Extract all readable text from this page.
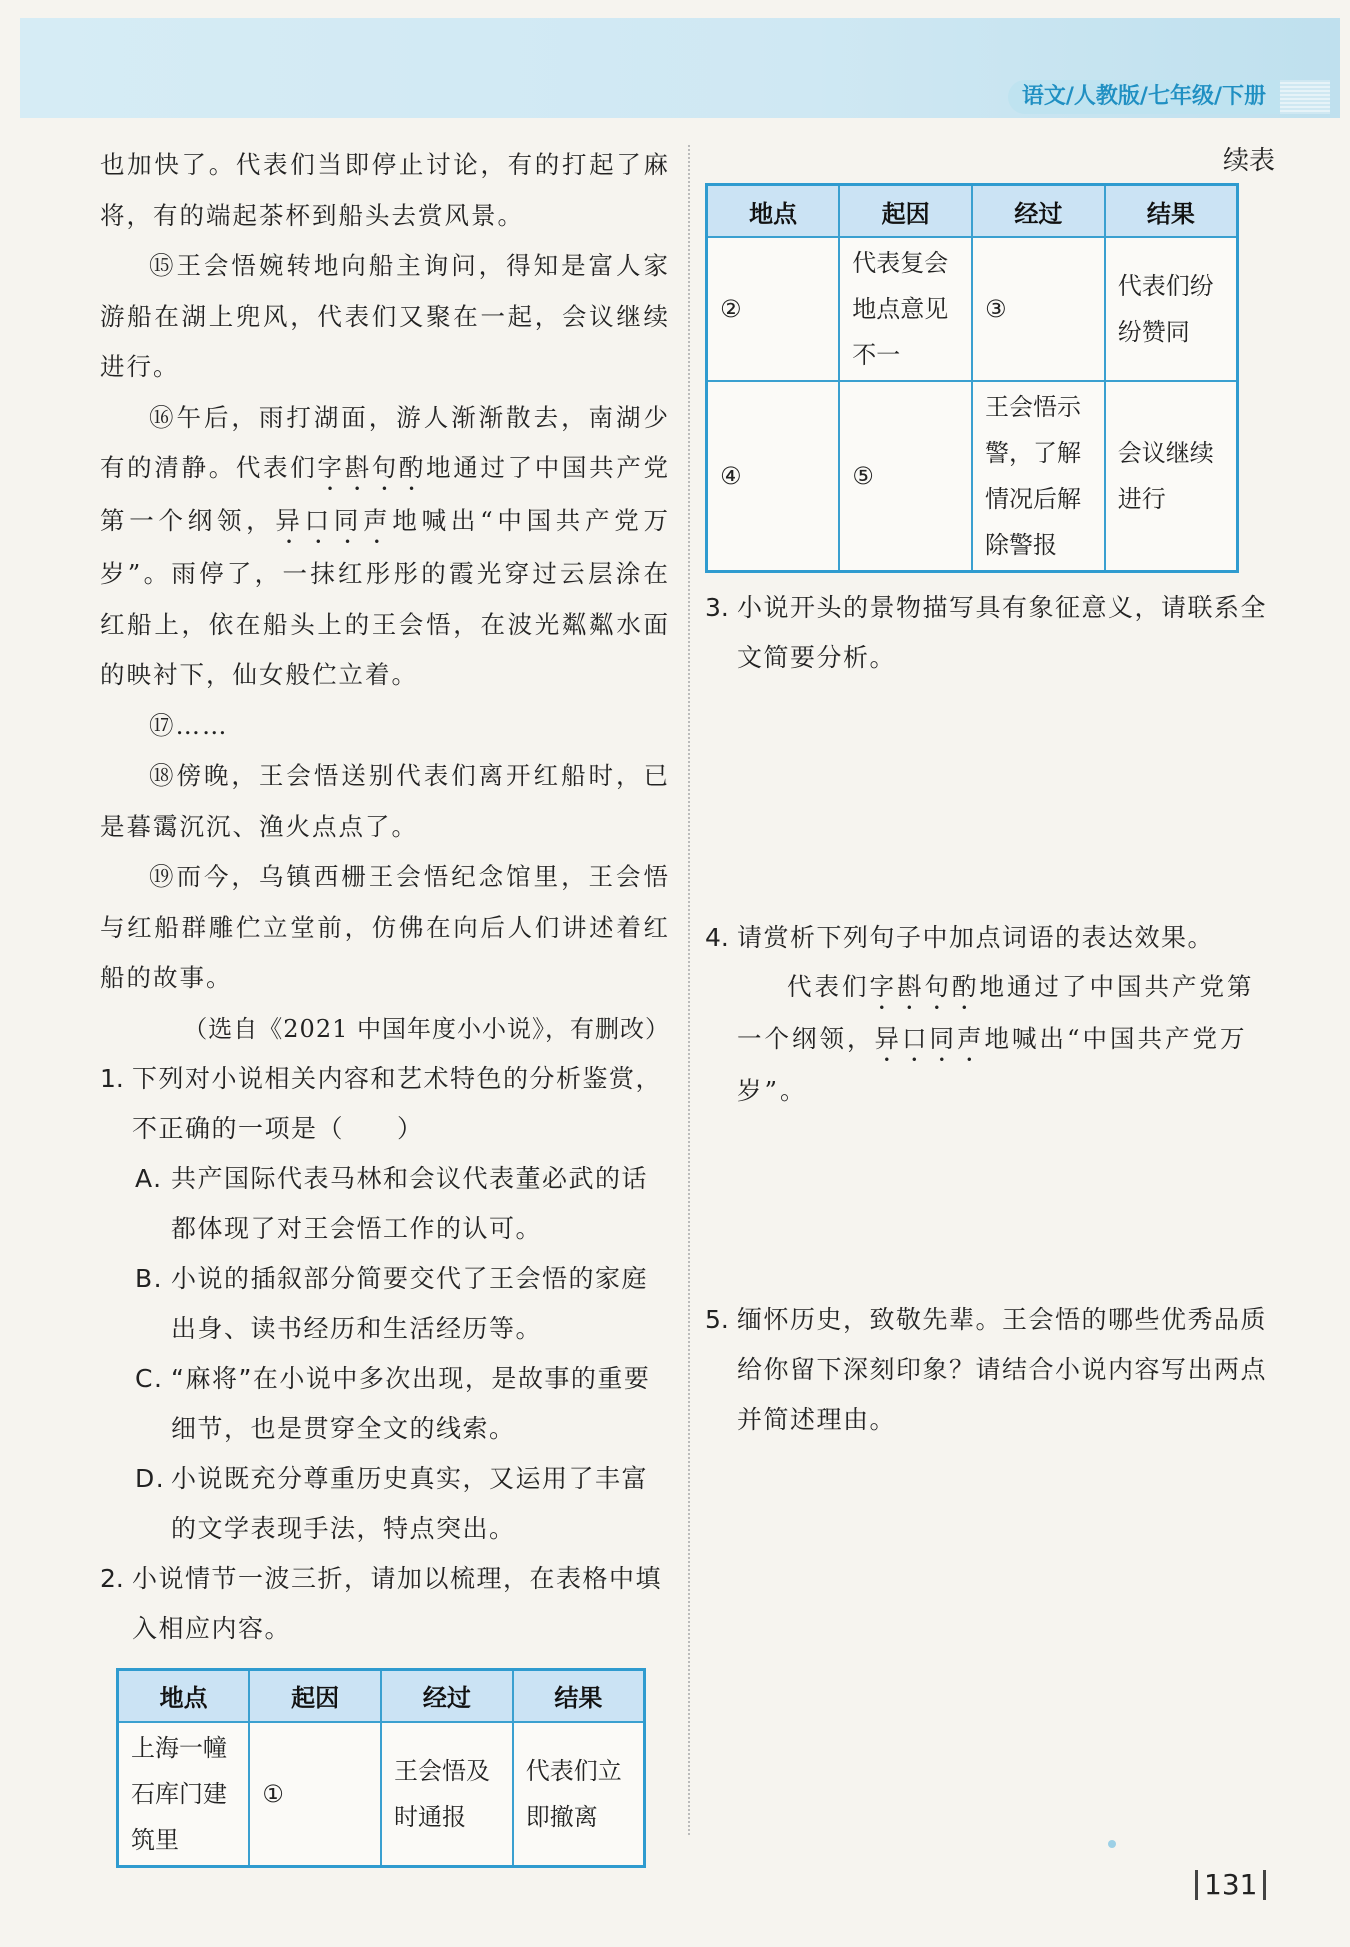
语文/人教版/七年级/下册

也加快了。代表们当即停止讨论，有的打起了麻将，有的端起茶杯到船头去赏风景。

⑮王会悟婉转地向船主询问，得知是富人家游船在湖上兜风，代表们又聚在一起，会议继续进行。

⑯午后，雨打湖面，游人渐渐散去，南湖少有的清静。代表们字斟句酌地通过了中国共产党第一个纲领，异口同声地喊出“中国共产党万岁”。雨停了，一抹红彤彤的霞光穿过云层涂在红船上，依在船头上的王会悟，在波光粼粼水面的映衬下，仙女般伫立着。

⑰……

⑱傍晚，王会悟送别代表们离开红船时，已是暮霭沉沉、渔火点点了。

⑲而今，乌镇西栅王会悟纪念馆里，王会悟与红船群雕伫立堂前，仿佛在向后人们讲述着红船的故事。

（选自《2021 中国年度小小说》，有删改）
1. 下列对小说相关内容和艺术特色的分析鉴赏，不正确的一项是（　　）
A. 共产国际代表马林和会议代表董必武的话都体现了对王会悟工作的认可。
B. 小说的插叙部分简要交代了王会悟的家庭出身、读书经历和生活经历等。
C. “麻将”在小说中多次出现，是故事的重要细节，也是贯穿全文的线索。
D. 小说既充分尊重历史真实，又运用了丰富的文学表现手法，特点突出。
2. 小说情节一波三折，请加以梳理，在表格中填入相应内容。
地点	起因	经过	结果
上海一幢石库门建筑里	①	王会悟及时通报	代表们立即撤离
续表
地点	起因	经过	结果
②	代表复会地点意见不一	③	代表们纷纷赞同
④	⑤	王会悟示警，了解情况后解除警报	会议继续进行
3. 小说开头的景物描写具有象征意义，请联系全文简要分析。
4. 请赏析下列句子中加点词语的表达效果。
代表们字斟句酌地通过了中国共产党第一个纲领，异口同声地喊出“中国共产党万岁”。
5. 缅怀历史，致敬先辈。王会悟的哪些优秀品质给你留下深刻印象？请结合小说内容写出两点并简述理由。
131
